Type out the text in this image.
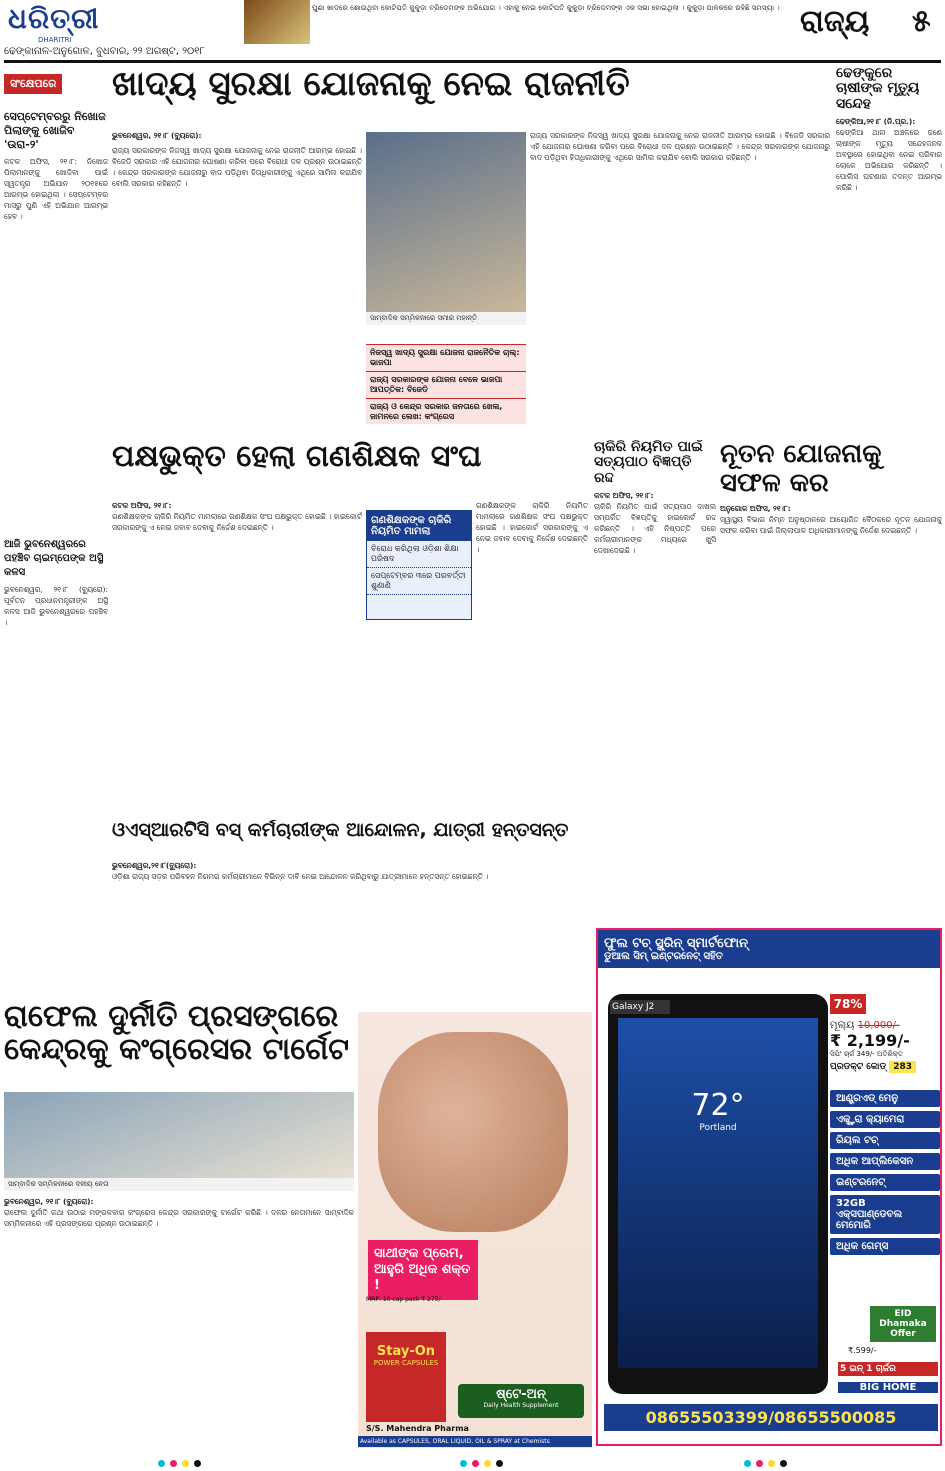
ଧରିତ୍ରୀ
DHARITRI
ଘୁଣା ଖାଦରେ ଶୋଉଥିବା କୋଟିପତି କୁକୁଡ଼ା ବ୍ରିଡେମଙ୍କ ଅଭିଯୋଗ । ଏହାକୁ ନେଇ କୋଟିପତି କୁକୁଡ଼ା ବ୍ରିଡେମଙ୍କ ଏକ ସଭା ହୋଇଥିଲା । କୁକୁଡ଼ା ପାଳକରେ ରହିଛି ସମସ୍ୟା । ରାଜ୍ୟ ୫
ଢେଙ୍କାନାଳ-ଅନୁଗୋଳ, ବୁଧବାର, ୨୨ ଅଗଷ୍ଟ, ୨୦୧୮
ସଂକ୍ଷେପରେ
ସେପ୍ଟେମ୍ବରରୁ ନିଖୋଜ ପିଲାଙ୍କୁ ଖୋଜିବ 'ଉରା-୨'
କଟକ ଅଫିସ, ୨୧।୮: ନିଖୋଜ ପିଲାମାନଙ୍କୁ ଖୋଜିବା ପାଇଁ ସ୍ୱତନ୍ତ୍ର ଅଭିଯାନ ୨୦୧୫ରେ ଆରମ୍ଭ ହୋଇଥିଲା । ସେପ୍ଟେମ୍ବର ମାସରୁ ପୁଣି ଏହି ଅଭିଯାନ ଆରମ୍ଭ ହେବ ।
ଆଜି ଭୁବନେଶ୍ୱରରେ ପହଞ୍ଚିବ ଚାଇମ୍ପେଙ୍କ ଅସ୍ଥି କଳସ
ଭୁବନେଶ୍ୱର, ୨୧।୮ (ବ୍ୟୁରୋ): ପୂର୍ବତନ ପ୍ରଧାନମନ୍ତ୍ରୀଙ୍କ ଅସ୍ଥି କଳସ ଆଜି ଭୁବନେଶ୍ୱରରେ ପହଞ୍ଚିବ ।
ଖାଦ୍ୟ ସୁରକ୍ଷା ଯୋଜନାକୁ ନେଇ ରାଜନୀତି
ଭୁବନେଶ୍ୱର, ୨୧।୮ (ବ୍ୟୁରୋ):
ରାଜ୍ୟ ସରକାରଙ୍କ ନିଜସ୍ୱ ଖାଦ୍ୟ ସୁରକ୍ଷା ଯୋଜନାକୁ ନେଇ ରାଜନୀତି ଆରମ୍ଭ ହୋଇଛି । ବିଜେଡି ସରକାର ଏହି ଯୋଜନାର ଘୋଷଣା କରିବା ପରେ ବିରୋଧୀ ଦଳ ପ୍ରଶ୍ନ ଉଠାଇଛନ୍ତି । କେନ୍ଦ୍ର ସରକାରଙ୍କ ଯୋଜନାରୁ ବାଦ ପଡ଼ିଥିବା ହିତାଧିକାରୀଙ୍କୁ ଏଥିରେ ସାମିଲ କରାଯିବ ବୋଲି ସରକାର କହିଛନ୍ତି ।
ସାମ୍ବାଦିକ ସମ୍ମିଳନୀରେ ସମୀର ମହାନ୍ତି
ନିଜସ୍ୱ ଖାଦ୍ୟ ସୁରକ୍ଷା ଯୋଜନା ରାଜନୈତିକ ଚାଲ୍: ଭାଜପା
ରାଜ୍ୟ ସରକାରଙ୍କ ଯୋଜନା ବେଳେ ଭାଜପା ଆପତ୍ତିକ: ବିଜେଡି
ରାଜ୍ୟ ଓ କେନ୍ଦ୍ର ସରକାର ଜନତାରେ ଖେଳା, ଜାମନରେ ଲେଖ: କଂଗ୍ରେସ
ରାଜ୍ୟ ସରକାରଙ୍କ ନିଜସ୍ୱ ଖାଦ୍ୟ ସୁରକ୍ଷା ଯୋଜନାକୁ ନେଇ ରାଜନୀତି ଆରମ୍ଭ ହୋଇଛି । ବିଜେଡି ସରକାର ଏହି ଯୋଜନାର ଘୋଷଣା କରିବା ପରେ ବିରୋଧୀ ଦଳ ପ୍ରଶ୍ନ ଉଠାଇଛନ୍ତି । କେନ୍ଦ୍ର ସରକାରଙ୍କ ଯୋଜନାରୁ ବାଦ ପଡ଼ିଥିବା ହିତାଧିକାରୀଙ୍କୁ ଏଥିରେ ସାମିଲ କରାଯିବ ବୋଲି ସରକାର କହିଛନ୍ତି ।
ଢେଙ୍କୁରେ ଚାଷୀଙ୍କ ମୃତ୍ୟୁ ସନ୍ଦେହ
ଢେଙ୍କିଆ,୨୧।୮ (ନି.ପ୍ର.):
ଢେଙ୍କିଆ ଥାନା ଅଞ୍ଚଳରେ ଜଣେ ଚାଷୀଙ୍କ ମୃତ୍ୟୁ ସନ୍ଦେହଜନକ ଅବସ୍ଥାରେ ହୋଇଥିବା ନେଇ ପରିବାର ଲୋକେ ଅଭିଯୋଗ କରିଛନ୍ତି । ପୋଲିସ ଘଟଣାର ତଦନ୍ତ ଆରମ୍ଭ କରିଛି ।
ପକ୍ଷଭୁକ୍ତ ହେଲା ଗଣଶିକ୍ଷକ ସଂଘ
କଟକ ଅଫିସ, ୨୧।୮:
ଗଣଶିକ୍ଷକଙ୍କ ଚାକିରି ନିୟମିତ ମାମଲାରେ ଗଣଶିକ୍ଷକ ସଂଘ ପକ୍ଷଭୁକ୍ତ ହୋଇଛି । ହାଇକୋର୍ଟ ସରକାରଙ୍କୁ ଏ ନେଇ ଜବାବ ଦେବାକୁ ନିର୍ଦ୍ଦେଶ ଦେଇଛନ୍ତି ।
ଗଣଶିକ୍ଷକଙ୍କ ଚାକିରି ନିୟମିତ ମାମଲା
ବିରୋଧ କରିଥିଲା ଓଡ଼ିଶା ଶିକ୍ଷା ପରିଷଦ
ସେପ୍ଟେମ୍ବର ୩ରେ ପରବର୍ତ୍ତୀ ଶୁଣାଣି
ଗଣଶିକ୍ଷକଙ୍କ ଚାକିରି ନିୟମିତ ମାମଲାରେ ଗଣଶିକ୍ଷକ ସଂଘ ପକ୍ଷଭୁକ୍ତ ହୋଇଛି । ହାଇକୋର୍ଟ ସରକାରଙ୍କୁ ଏ ନେଇ ଜବାବ ଦେବାକୁ ନିର୍ଦ୍ଦେଶ ଦେଇଛନ୍ତି ।
ଚାକିରି ନିୟମିତ ପାଇଁ ସତ୍ୟପାଠ ବିଜ୍ଞପ୍ତି ରଦ୍ଦ
କଟକ ଅଫିସ, ୨୧।୮:
ଚାକିରି ନିୟମିତ ପାଇଁ ସତ୍ୟପାଠ ଦାଖଲ ସମ୍ପର୍କିତ ବିଜ୍ଞପ୍ତିକୁ ହାଇକୋର୍ଟ ରଦ୍ଦ କରିଛନ୍ତି । ଏହି ନିଷ୍ପତ୍ତି ପରେ କର୍ମଚାରୀମାନଙ୍କ ମଧ୍ୟରେ ଖୁସି ଦେଖାଦେଇଛି ।
ନୂତନ ଯୋଜନାକୁ ସଫଳ କର
ଅନୁଗୋଳ ଅଫିସ, ୨୧।୮:
ସ୍ୱାସ୍ଥ୍ୟ ବିଭାଗ ନିମ୍ନ ଅନୁଷ୍ଠାନରେ ଆୟୋଜିତ ବୈଠକରେ ନୂତନ ଯୋଜନାକୁ ସଫଳ କରିବା ପାଇଁ ଜିଲ୍ଲାପାଳ ଅଧିକାରୀମାନଙ୍କୁ ନିର୍ଦ୍ଦେଶ ଦେଇଛନ୍ତି ।
ଓଏସ୍ଆରଟିସି ବସ୍ କର୍ମଚାରୀଙ୍କ ଆନ୍ଦୋଳନ, ଯାତ୍ରୀ ହନ୍ତସନ୍ତ
ଭୁବନେଶ୍ୱର,୨୧।୮(ବ୍ୟୁରୋ):
ଓଡ଼ିଶା ରାଜ୍ୟ ସଡ଼କ ପରିବହନ ନିଗମର କର୍ମଚାରୀମାନେ ବିଭିନ୍ନ ଦାବି ନେଇ ଆନ୍ଦୋଳନ କରିଥିବାରୁ ଯାତ୍ରୀମାନେ ହନ୍ତସନ୍ତ ହୋଇଛନ୍ତି ।
ରାଫେଲ ଦୁର୍ନୀତି ପ୍ରସଙ୍ଗରେ କେନ୍ଦ୍ରକୁ କଂଗ୍ରେସର ଟାର୍ଗେଟ
ସାମ୍ବାଦିକ ସମ୍ମିଳନୀରେ ଦଳୀୟ ନେତା
ଭୁବନେଶ୍ୱର, ୨୧।୮ (ବ୍ୟୁରୋ):
ରାଫେଲ ଦୁର୍ନୀତି କଥା ଉଠାଇ ମଙ୍ଗଳବାର କଂଗ୍ରେସ କେନ୍ଦ୍ର ସରକାରଙ୍କୁ ଟାର୍ଗେଟ କରିଛି । ଦଳର ନେତାମାନେ ସାମ୍ବାଦିକ ସମ୍ମିଳନୀରେ ଏହି ପ୍ରସଙ୍ଗରେ ପ୍ରଶ୍ନ ଉଠାଇଛନ୍ତି ।
ସାଥୀଙ୍କ ପ୍ରେମ, ଆହୁରି ଅଧିକ ଶକ୍ତ !
Stay-On
POWER CAPSULES
MRP: 10 cap pack ₹ 275/-
ଷ୍ଟେ-ଅନ୍
Daily Health Supplement
S/S. Mahendra Pharma
Available as CAPSULES, ORAL LIQUID, OIL & SPRAY at Chemists
ଫୁଲ ଟଚ୍ ସ୍କ୍ରିନ୍ ସ୍ମାର୍ଟଫୋନ୍
ଡୁଆଲ ସିମ୍ ଇଣ୍ଟରନେଟ୍ ସହିତ
72°
Portland
Galaxy J2	78%
ମୂଲ୍ୟ 10,000/-
₹ 2,199/-
ସିପିଂ ଚାର୍ଜ 349/- ଅତିରିକ୍ତ
ପ୍ରଡକ୍ଟ କୋଡ୍ 283
ଆଣ୍ଡ୍ରଏଡ୍ ମେନୁ
ଏକ୍ସ୍ଟ୍ରା କ୍ୟାମେରା
ରିୟଲ ଟଚ୍
ଅଧିକ ଆପ୍ଲିକେସନ
ଇଣ୍ଟରନେଟ୍
32GB ଏକ୍ସପାଣ୍ଡେବଲ ମେମୋରି
ଅଧିକ ଗେମ୍ସ
EID Dhamaka Offer
₹.599/-
5 ଇନ୍ 1 ଚାର୍ଜର
BIG HOME
08655503399/08655500085
